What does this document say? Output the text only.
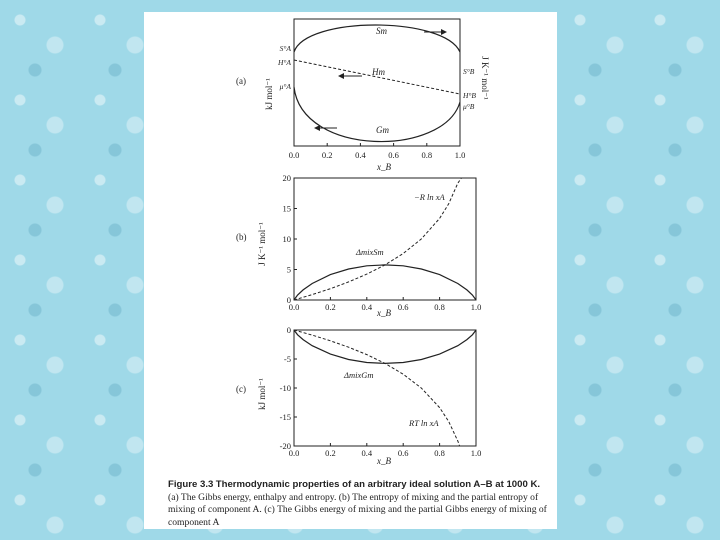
(a) kJ mol⁻¹	J K⁻¹ mol⁻¹
S°A
H°A
μ°A
S°B
H°B
μ°B
Sm
Hm
Gm
0.0	0.2	0.4	0.6	0.8	1.0
x_B
(b) J K⁻¹ mol⁻¹
0.0	0.2	0.4	0.6	0.8	1.0
0
5
10
15
20
−R ln xA
ΔmixSm
x_B
(c) kJ mol⁻¹
0.0	0.2	0.4	0.6	0.8	1.0
0
-5
-10
-15
-20
ΔmixGm
RT ln xA
x_B
Figure 3.3 Thermodynamic properties of an arbitrary ideal solution A–B at 1000 K. (a) The Gibbs energy, enthalpy and entropy. (b) The entropy of mixing and the partial entropy of mixing of component A. (c) The Gibbs energy of mixing and the partial Gibbs energy of mixing of component A
